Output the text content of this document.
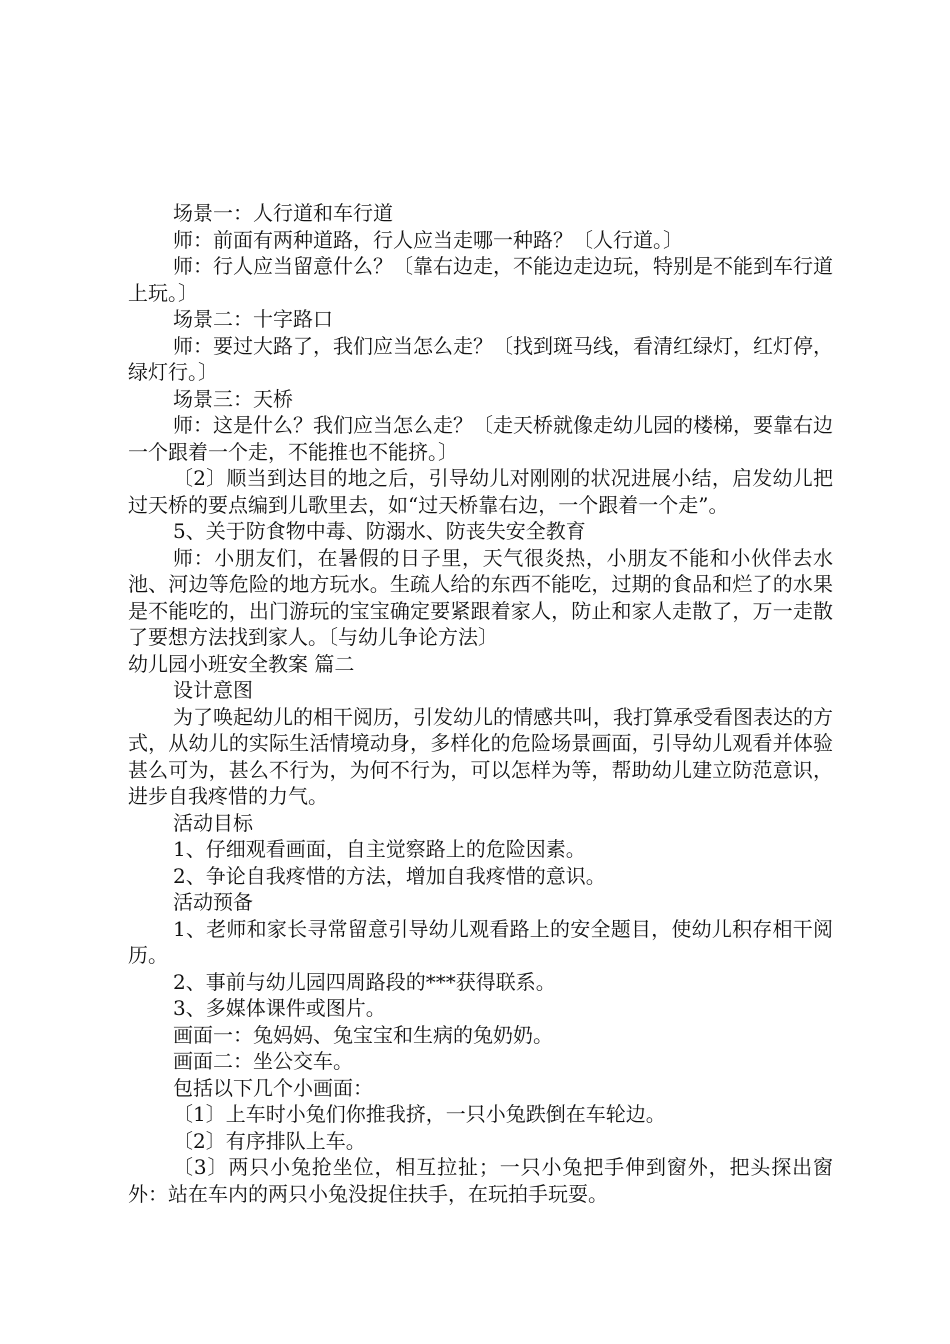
场景一：人行道和车行道

师：前面有两种道路，行人应当走哪一种路？〔人行道。〕

师：行人应当留意什么？〔靠右边走，不能边走边玩，特别是不能到车行道上玩。〕

场景二：十字路口

师：要过大路了，我们应当怎么走？〔找到斑马线，看清红绿灯，红灯停，绿灯行。〕

场景三：天桥

师：这是什么？我们应当怎么走？〔走天桥就像走幼儿园的楼梯，要靠右边一个跟着一个走，不能推也不能挤。〕

〔2〕顺当到达目的地之后，引导幼儿对刚刚的状况进展小结，启发幼儿把过天桥的要点编到儿歌里去，如“过天桥靠右边，一个跟着一个走”。

5、关于防食物中毒、防溺水、防丧失安全教育

师：小朋友们，在暑假的日子里，天气很炎热，小朋友不能和小伙伴去水池、河边等危险的地方玩水。生疏人给的东西不能吃，过期的食品和烂了的水果是不能吃的，出门游玩的宝宝确定要紧跟着家人，防止和家人走散了，万一走散了要想方法找到家人。〔与幼儿争论方法〕

幼儿园小班安全教案 篇二

设计意图

为了唤起幼儿的相干阅历，引发幼儿的情感共叫，我打算承受看图表达的方式，从幼儿的实际生活情境动身，多样化的危险场景画面，引导幼儿观看并体验甚么可为，甚么不行为，为何不行为，可以怎样为等，帮助幼儿建立防范意识，进步自我疼惜的力气。

活动目标

1、仔细观看画面，自主觉察路上的危险因素。

2、争论自我疼惜的方法，增加自我疼惜的意识。

活动预备

1、老师和家长寻常留意引导幼儿观看路上的安全题目，使幼儿积存相干阅历。

2、事前与幼儿园四周路段的***获得联系。

3、多媒体课件或图片。

画面一：兔妈妈、兔宝宝和生病的兔奶奶。

画面二：坐公交车。

包括以下几个小画面：

〔1〕上车时小兔们你推我挤，一只小兔跌倒在车轮边。

〔2〕有序排队上车。

〔3〕两只小兔抢坐位，相互拉扯；一只小兔把手伸到窗外，把头探出窗外：站在车内的两只小兔没捉住扶手，在玩拍手玩耍。
